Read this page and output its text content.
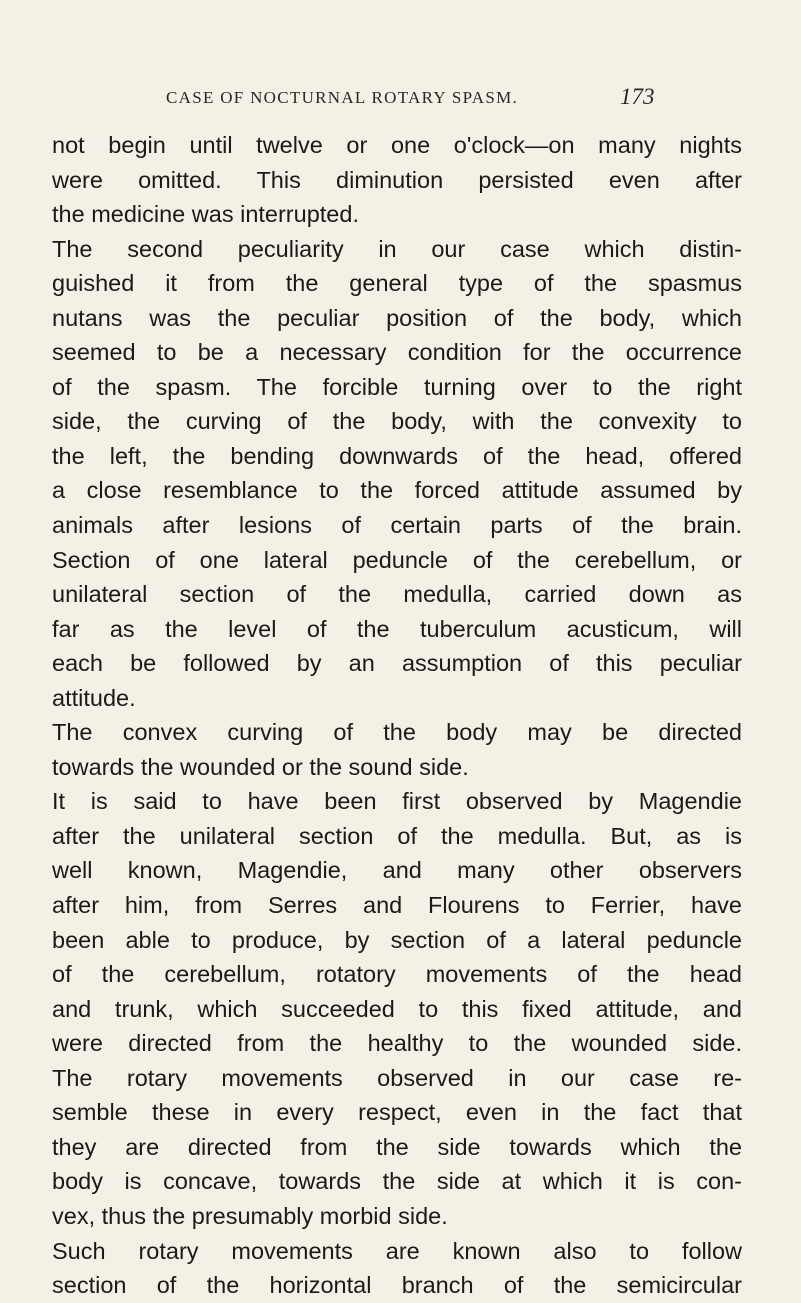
CASE OF NOCTURNAL ROTARY SPASM.	173
not begin until twelve or one o'clock—on many nights
were omitted. This diminution persisted even after
the medicine was interrupted.
The second peculiarity in our case which distin-
guished it from the general type of the spasmus
nutans was the peculiar position of the body, which
seemed to be a necessary condition for the occurrence
of the spasm. The forcible turning over to the right
side, the curving of the body, with the convexity to
the left, the bending downwards of the head, offered
a close resemblance to the forced attitude assumed by
animals after lesions of certain parts of the brain.
Section of one lateral peduncle of the cerebellum, or
unilateral section of the medulla, carried down as
far as the level of the tuberculum acusticum, will
each be followed by an assumption of this peculiar
attitude.
The convex curving of the body may be directed
towards the wounded or the sound side.
It is said to have been first observed by Magendie
after the unilateral section of the medulla. But, as is
well known, Magendie, and many other observers
after him, from Serres and Flourens to Ferrier, have
been able to produce, by section of a lateral peduncle
of the cerebellum, rotatory movements of the head
and trunk, which succeeded to this fixed attitude, and
were directed from the healthy to the wounded side.
The rotary movements observed in our case re-
semble these in every respect, even in the fact that
they are directed from the side towards which the
body is concave, towards the side at which it is con-
vex, thus the presumably morbid side.
Such rotary movements are known also to follow
section of the horizontal branch of the semicircular
